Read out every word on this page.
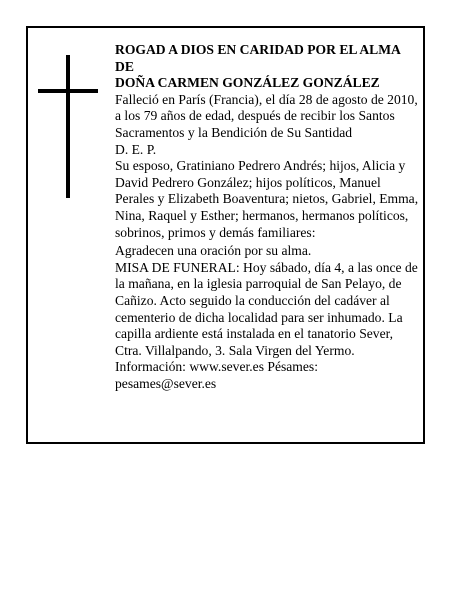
ROGAD A DIOS EN CARIDAD POR EL ALMA DE

DOÑA CARMEN GONZÁLEZ GONZÁLEZ

Falleció en París (Francia), el día 28 de agosto de 2010, a los 79 años de edad, después de recibir los Santos Sacramentos y la Bendición de Su Santidad

D. E. P.

Su esposo, Gratiniano Pedrero Andrés; hijos, Alicia y David Pedrero González; hijos políticos, Manuel Perales y Elizabeth Boaventura; nietos, Gabriel, Emma, Nina, Raquel y Esther; hermanos, hermanos políticos, sobrinos, primos y demás familiares:

Agradecen una oración por su alma.

MISA DE FUNERAL: Hoy sábado, día 4, a las once de la mañana, en la iglesia parroquial de San Pelayo, de Cañizo. Acto seguido la conducción del cadáver al cementerio de dicha localidad para ser inhumado. La capilla ardiente está instalada en el tanatorio Sever, Ctra. Villalpando, 3. Sala Virgen del Yermo.

Información: www.sever.es Pésames: pesames@sever.es
